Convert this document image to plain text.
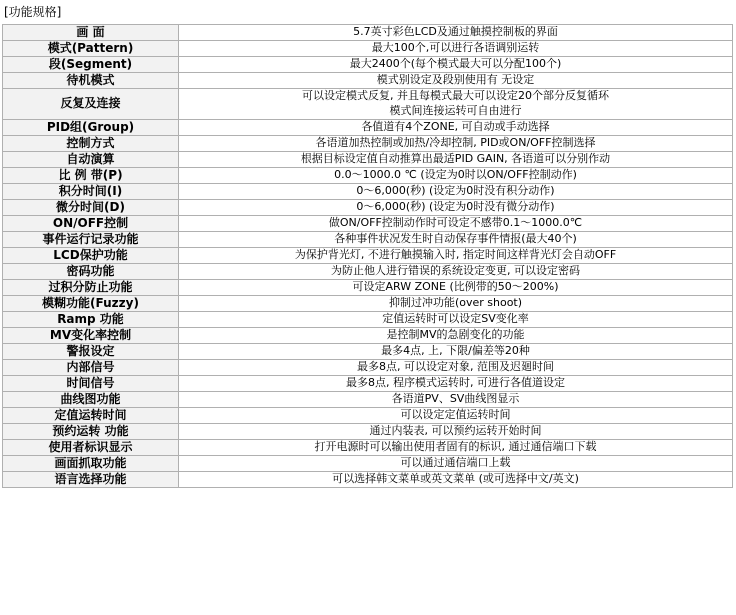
[功能规格]
画 面	5.7英寸彩色LCD及通过触摸控制板的界面

模式(Pattern)	最大100个,可以进行各语调别运转

段(Segment)	最大2400个(每个模式最大可以分配100个)

待机模式	模式别设定及段别使用有 无设定

反复及连接	可以设定模式反复, 并且每模式最大可以设定20个部分反复循环
模式间连接运转可自由进行

PID组(Group)	各值道有4个ZONE, 可自动或手动选择

控制方式	各语道加热控制或加热/冷却控制, PID或ON/OFF控制选择

自动演算	根据目标设定值自动推算出最适PID GAIN, 各语道可以分别作动

比 例 带(P)	0.0～1000.0 ℃ (设定为0时以ON/OFF控制动作)

积分时间(I)	0～6,000(秒) (设定为0时没有积分动作)

微分时间(D)	0～6,000(秒) (设定为0时没有微分动作)

ON/OFF控制	做ON/OFF控制动作时可设定不感带0.1～1000.0℃

事件运行记录功能	各种事件状况发生时自动保存事件情报(最大40个)

LCD保护功能	为保护背光灯, 不进行触摸输入时, 指定时间这样背光灯会自动OFF

密码功能	为防止他人进行错误的系统设定变更, 可以设定密码

过积分防止功能	可设定ARW ZONE (比例带的50～200%)

模糊功能(Fuzzy)	抑制过冲功能(over shoot)

Ramp 功能	定值运转时可以设定SV变化率

MV变化率控制	是控制MV的急剧变化的功能

警报设定	最多4点, 上, 下限/偏差等20种

内部信号	最多8点, 可以设定对象, 范围及迟廻时间

时间信号	最多8点, 程序模式运转时, 可进行各值道设定

曲线图功能	各语道PV、SV曲线图显示

定值运转时间	可以设定定值运转时间

预约运转 功能	通过内装表, 可以预约运转开始时间

使用者标识显示	打开电源时可以输出使用者固有的标识, 通过通信端口下载

画面抓取功能	可以通过通信端口上载

语言选择功能	可以选择韩文菜单或英文菜单 (或可选择中文/英文)
